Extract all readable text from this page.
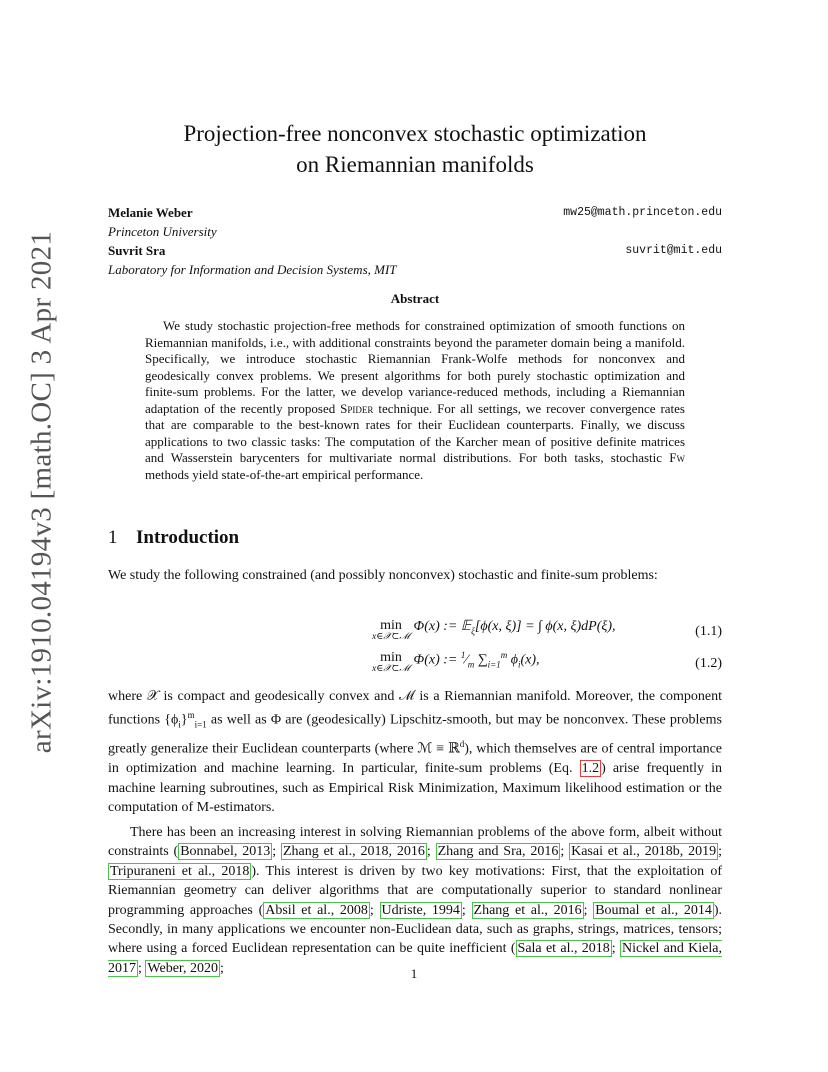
arXiv:1910.04194v3 [math.OC] 3 Apr 2021
Projection-free nonconvex stochastic optimization
on Riemannian manifolds
Melanie Weber
Princeton University
mw25@math.princeton.edu
Suvrit Sra
Laboratory for Information and Decision Systems, MIT
suvrit@mit.edu
Abstract
We study stochastic projection-free methods for constrained optimization of smooth functions on Riemannian manifolds, i.e., with additional constraints beyond the parameter domain being a manifold. Specifically, we introduce stochastic Riemannian Frank-Wolfe methods for nonconvex and geodesically convex problems. We present algorithms for both purely stochastic optimization and finite-sum problems. For the latter, we develop variance-reduced methods, including a Riemannian adaptation of the recently proposed Spider technique. For all settings, we recover convergence rates that are comparable to the best-known rates for their Euclidean counterparts. Finally, we discuss applications to two classic tasks: The computation of the Karcher mean of positive definite matrices and Wasserstein barycenters for multivariate normal distributions. For both tasks, stochastic Fw methods yield state-of-the-art empirical performance.
1 Introduction
We study the following constrained (and possibly nonconvex) stochastic and finite-sum problems:
min
x∈𝒳⊂ℳ
Φ(x) := 𝔼$_\xi$[ϕ(x, ξ)] = ∫ ϕ(x, ξ)dP(ξ),	(1.1)
min
x∈𝒳⊂ℳ
Φ(x) := $^1⁄_m$ $\sum_{i=1}^m$ $\phi_i(x)$,	(1.2)
where 𝒳 is compact and geodesically convex and ℳ is a Riemannian manifold. Moreover, the component functions $\{\phi_i\}^m_{i=1}$ as well as Φ are (geodesically) Lipschitz-smooth, but may be nonconvex. These problems greatly generalize their Euclidean counterparts (where ℳ ≡ ℝ$^d$), which themselves are of central importance in optimization and machine learning. In particular, finite-sum problems (Eq. 1.2 ) arise frequently in machine learning subroutines, such as Empirical Risk Minimization, Maximum likelihood estimation or the computation of M-estimators.
There has been an increasing interest in solving Riemannian problems of the above form, albeit without constraints ( Bonnabel, 2013 ; Zhang et al., 2018, 2016 ; Zhang and Sra, 2016 ; Kasai et al., 2018b, 2019 ; Tripuraneni et al., 2018 ). This interest is driven by two key motivations: First, that the exploitation of Riemannian geometry can deliver algorithms that are computationally superior to standard nonlinear programming approaches ( Absil et al., 2008 ; Udriste, 1994 ; Zhang et al., 2016 ; Boumal et al., 2014 ). Secondly, in many applications we encounter non-Euclidean data, such as graphs, strings, matrices, tensors; where using a forced Euclidean representation can be quite inefficient ( Sala et al., 2018 ; Nickel and Kiela, 2017 ; Weber, 2020 ;	1
